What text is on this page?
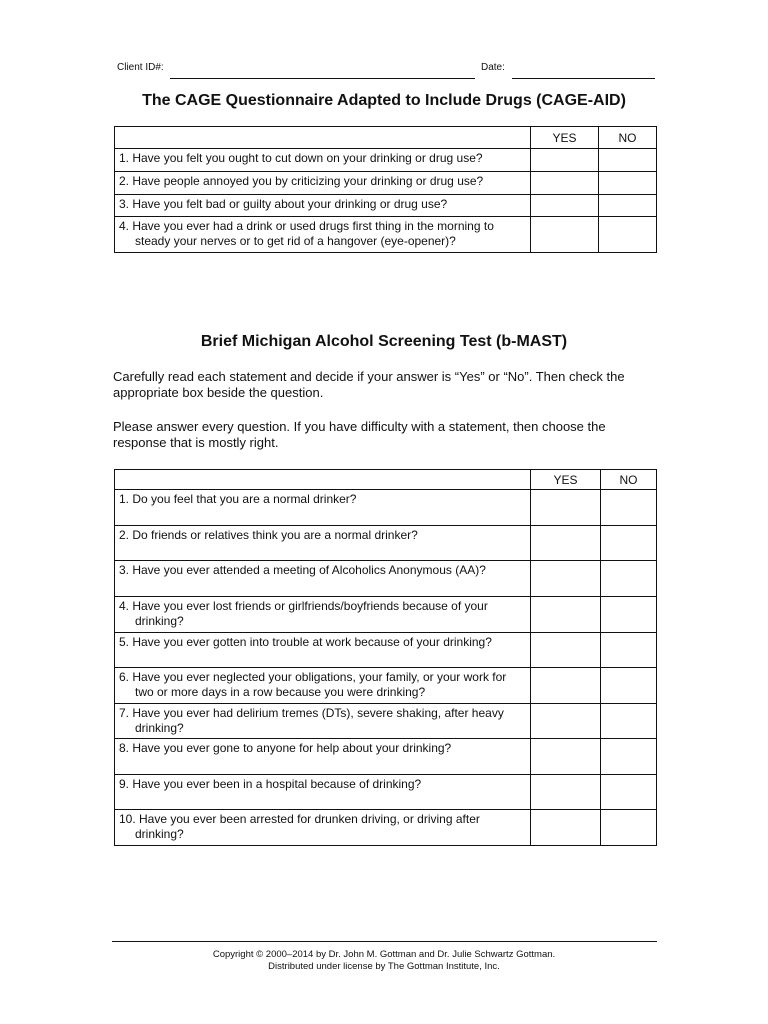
Client ID#:	Date:
The CAGE Questionnaire Adapted to Include Drugs (CAGE-AID)
	YES	NO

1. Have you felt you ought to cut down on your drinking or drug use?		

2. Have people annoyed you by criticizing your drinking or drug use?		

3. Have you felt bad or guilty about your drinking or drug use?		

4. Have you ever had a drink or used drugs first thing in the morning to
steady your nerves or to get rid of a hangover (eye-opener)?		

Brief Michigan Alcohol Screening Test (b-MAST)
Carefully read each statement and decide if your answer is “Yes” or “No”. Then check the appropriate box beside the question.
Please answer every question. If you have difficulty with a statement, then choose the response that is mostly right.
	YES	NO

1. Do you feel that you are a normal drinker?		

2. Do friends or relatives think you are a normal drinker?		

3. Have you ever attended a meeting of Alcoholics Anonymous (AA)?		

4. Have you ever lost friends or girlfriends/boyfriends because of your
drinking?		

5. Have you ever gotten into trouble at work because of your drinking?		

6. Have you ever neglected your obligations, your family, or your work for
two or more days in a row because you were drinking?		

7. Have you ever had delirium tremes (DTs), severe shaking, after heavy
drinking?		

8. Have you ever gone to anyone for help about your drinking?		

9. Have you ever been in a hospital because of drinking?		

10. Have you ever been arrested for drunken driving, or driving after
drinking?		

Copyright © 2000–2014 by Dr. John M. Gottman and Dr. Julie Schwartz Gottman.
Distributed under license by The Gottman Institute, Inc.
